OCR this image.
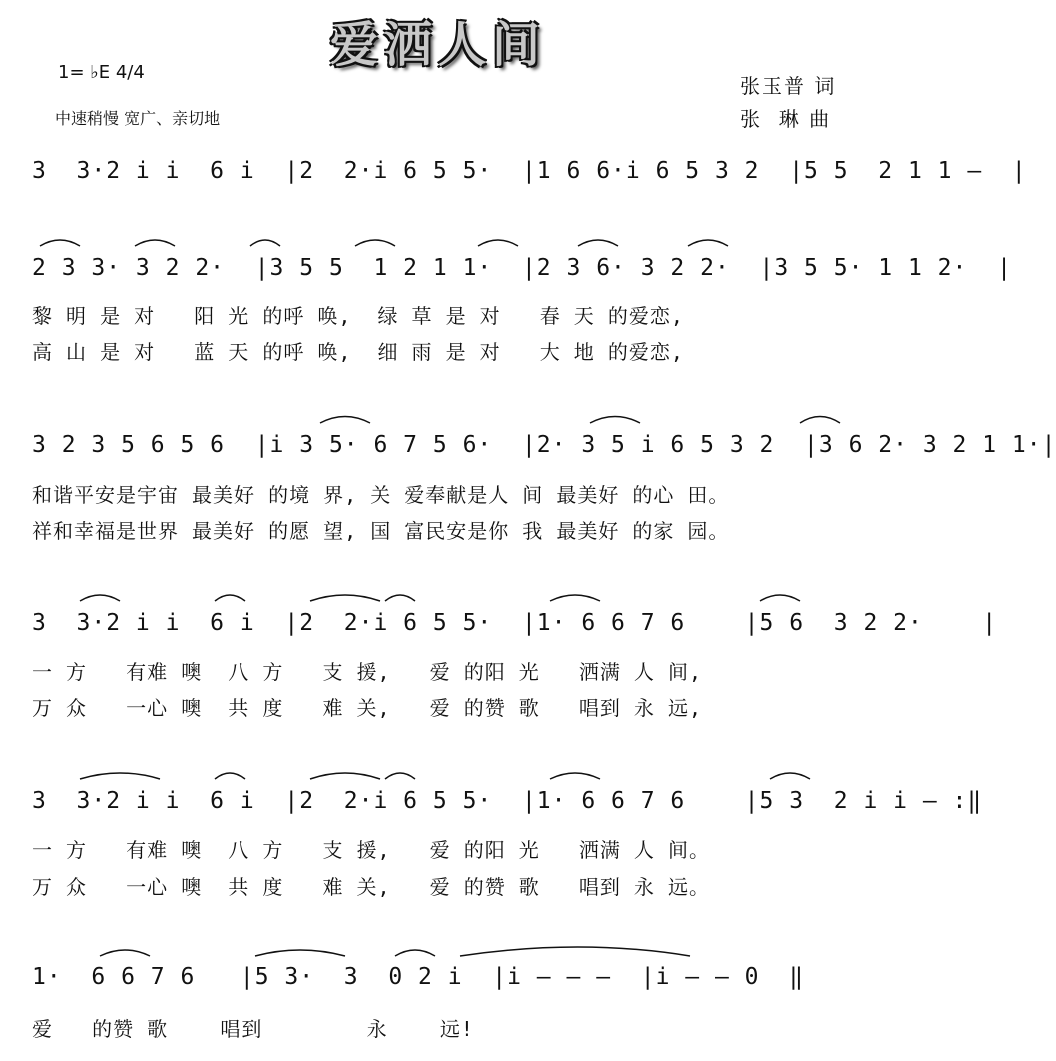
爱洒人间
1= ♭E 4/4
中速稍慢 宽广、亲切地
张玉普 词
张  琳 曲
3  3·2 i i  6 i  |2  2·i 6 5 5·  |1 6 6·i 6 5 3 2  |5 5  2 1 1 —  |
2 3 3· 3 2 2·  |3 5 5  1 2 1 1·  |2 3 6· 3 2 2·  |3 5 5· 1 1 2·  |
黎 明 是 对   阳 光 的呼 唤,  绿 草 是 对   春 天 的爱恋,
高 山 是 对   蓝 天 的呼 唤,  细 雨 是 对   大 地 的爱恋,
3 2 3 5 6 5 6  |i 3 5· 6 7 5 6·  |2· 3 5 i 6 5 3 2  |3 6 2· 3 2 1 1·|
和谐平安是宇宙 最美好 的境 界, 关 爱奉献是人 间 最美好 的心 田。
祥和幸福是世界 最美好 的愿 望, 国 富民安是你 我 最美好 的家 园。
3  3·2 i i  6 i  |2  2·i 6 5 5·  |1· 6 6 7 6    |5 6  3 2 2·    |
一 方   有难 噢  八 方   支 援,   爱 的阳 光   洒满 人 间,
万 众   一心 噢  共 度   难 关,   爱 的赞 歌   唱到 永 远,
3  3·2 i i  6 i  |2  2·i 6 5 5·  |1· 6 6 7 6    |5 3  2 i i — :‖
一 方   有难 噢  八 方   支 援,   爱 的阳 光   洒满 人 间。
万 众   一心 噢  共 度   难 关,   爱 的赞 歌   唱到 永 远。
1·  6 6 7 6   |5 3·  3  0 2 i  |i — — —  |i — — 0  ‖
爱   的赞 歌    唱到        永    远!
